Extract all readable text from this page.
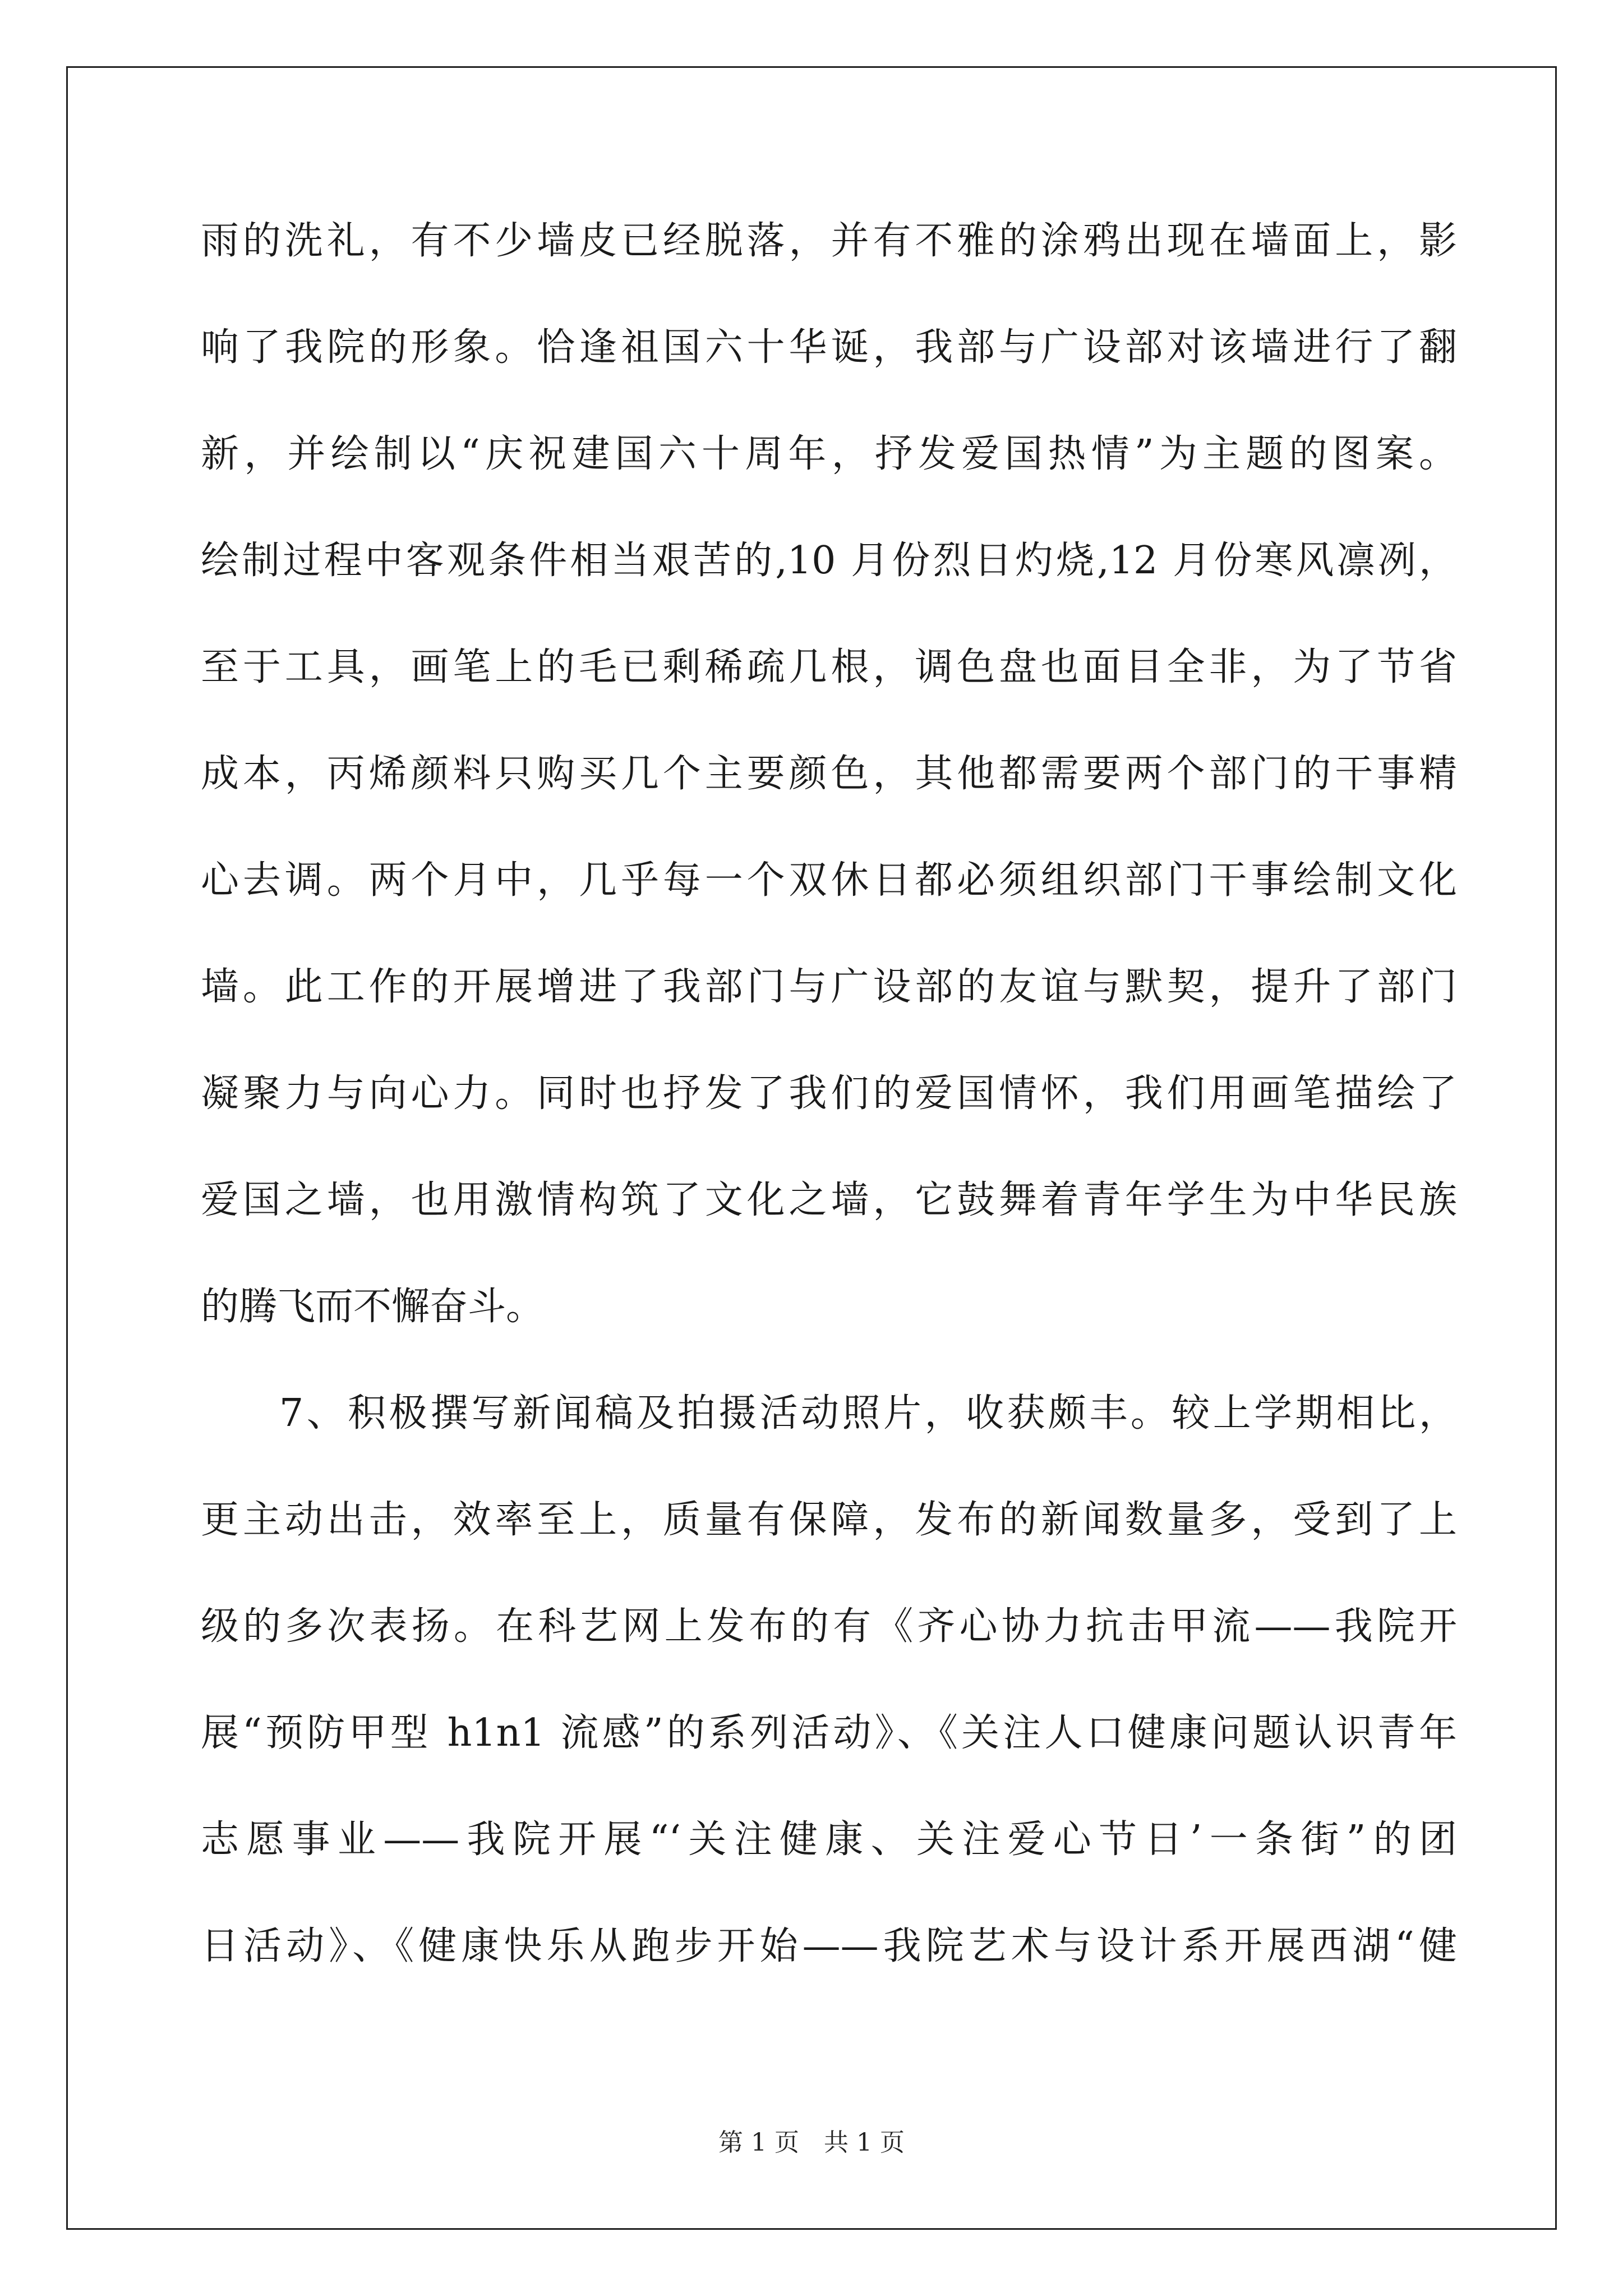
雨的洗礼，有不少墙皮已经脱落，并有不雅的涂鸦出现在墙面上，影
响了我院的形象。恰逢祖国六十华诞，我部与广设部对该墙进行了翻
新，并绘制以“庆祝建国六十周年，抒发爱国热情”为主题的图案。
绘制过程中客观条件相当艰苦的,10 月份烈日灼烧,12 月份寒风凛冽，
至于工具，画笔上的毛已剩稀疏几根，调色盘也面目全非，为了节省
成本，丙烯颜料只购买几个主要颜色，其他都需要两个部门的干事精
心去调。两个月中，几乎每一个双休日都必须组织部门干事绘制文化
墙。此工作的开展增进了我部门与广设部的友谊与默契，提升了部门
凝聚力与向心力。同时也抒发了我们的爱国情怀，我们用画笔描绘了
爱国之墙，也用激情构筑了文化之墙，它鼓舞着青年学生为中华民族
的腾飞而不懈奋斗。
7、积极撰写新闻稿及拍摄活动照片，收获颇丰。较上学期相比，
更主动出击，效率至上，质量有保障，发布的新闻数量多，受到了上
级的多次表扬。在科艺网上发布的有《齐心协力抗击甲流——我院开
展“预防甲型 h1n1 流感”的系列活动》、《关注人口健康问题认识青年
志愿事业——我院开展“‘关注健康、关注爱心节日’一条街”的团
日活动》、《健康快乐从跑步开始——我院艺术与设计系开展西湖“健
第 1 页　共 1 页
